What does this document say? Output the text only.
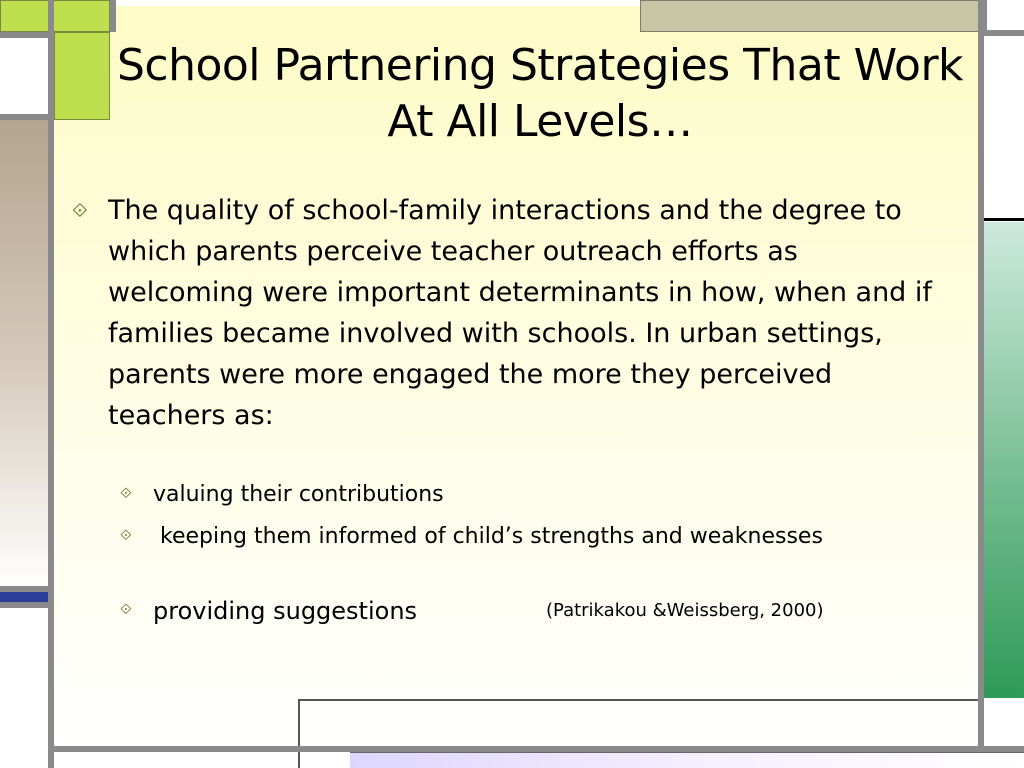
School Partnering Strategies That Work At All Levels…
⟐ The quality of school-family interactions and the degree to which parents perceive teacher outreach efforts as welcoming were important determinants in how, when and if families became involved with schools. In urban settings, parents were more engaged the more they perceived teachers as:
⟐ valuing their contributions
⟐ keeping them informed of child’s strengths and weaknesses
⟐ providing suggestions	(Patrikakou &Weissberg, 2000)
